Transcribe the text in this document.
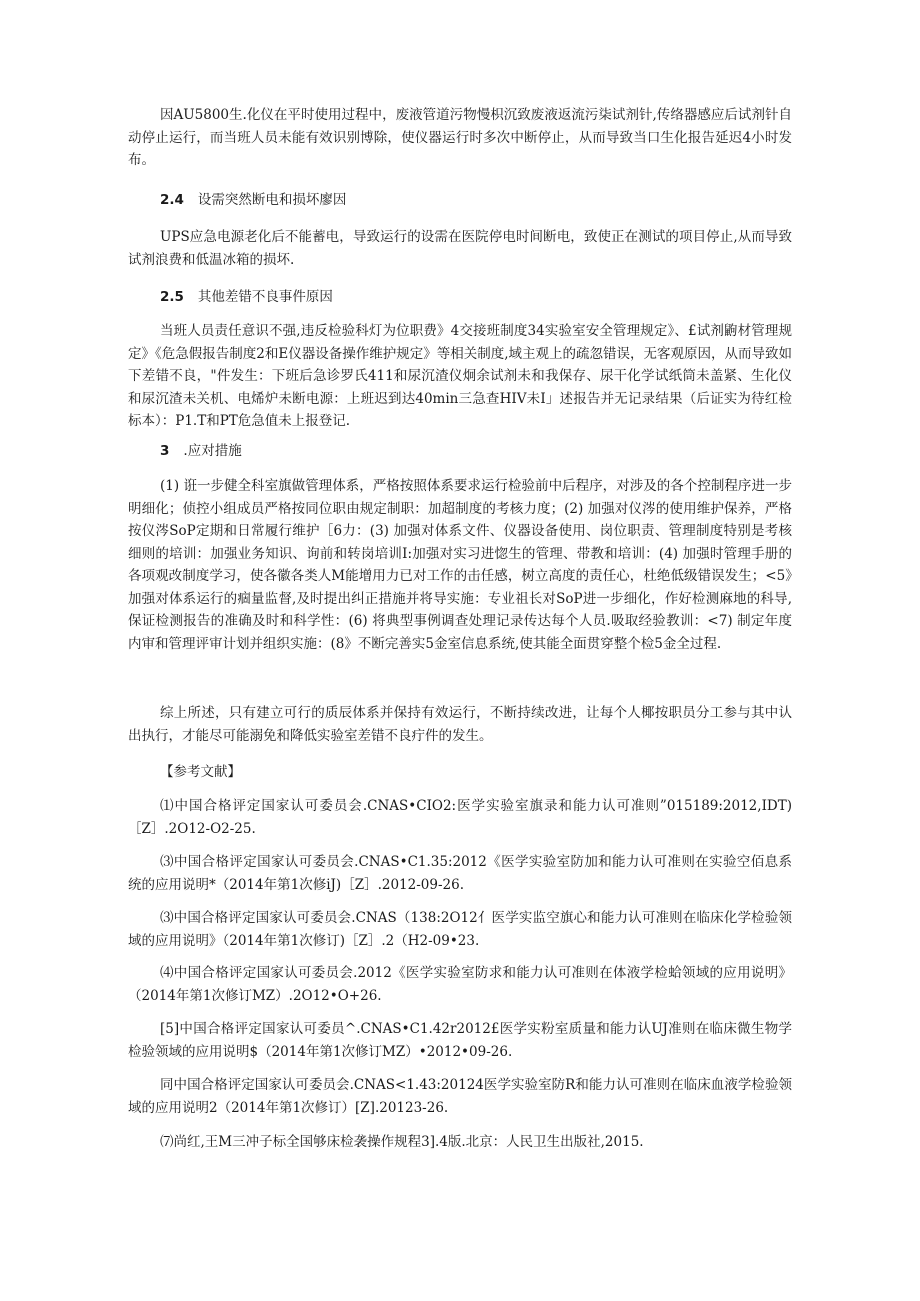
因AU5800生.化仪在平时使用过程中，废液管道污物慢枳沉致废液返流污柒试剂针,传络器感应后试剂针自动停止运行，而当班人员未能有效识别博除，使仪器运行时多次中断停止，从而导致当口生化报告延迟4小时发布。

2.4 设需突然断电和损坏廖因

UPS应急电源老化后不能蓄电，导致运行的设需在医院停电时间断电，致使正在测试的项目停止,从而导致试剂浪费和低温冰箱的损坏.

2.5 其他差错不良事件原因

当班人员责任意识不强,违反检验科灯为位职费》4交接班制度34实验室安全管理规定》、£试剂鼩材管理规定》《危急假报告制度2和E仪器设备操作维护规定》等相关制度,域主观上的疏忽错误，无客观原因，从而导致如下差错不良，"件发生：下班后急诊罗氏411和尿沉渣仪炯余试剂未和我保存、尿干化学试纸筒未盖紧、生化仪和尿沉渣未关机、电烯炉未断电源：上班迟到达40min三急查HIV未I」述报告并无记录结果（后证实为待红检标本）：P1.T和PT危急值未上报登记.

3 .应对措施

(1) 诳一步健全科室旗做管理体系，严格按照体系要求运行检验前中后程序，对涉及的各个控制程序进一步明细化；侦控小组成员严格按同位职由规定制职：加超制度的考核力度；(2) 加强对仪涔的使用维护保养，严格按仪涔SoP定期和日常履行维护［6力：(3) 加强对体系文件、仪器设备使用、岗位职责、管理制度特别是考核细则的培训：加强业务知识、询前和转岗培训I:加强对实习进惚生的管理、带教和培训：(4) 加强时管理手册的各项观改制度学习，使各徽各类人M能增用力已对工作的击任感，树立高度的责任心，杜绝低级错误发生；<5》加强对体系运行的痼量监督,及时提出纠正措施并将导实施：专业祖长对SoP进一步细化，作好检测麻地的科导,保证检测报告的准确及时和科学性：(6) 将典型事例调查处理记录传达每个人员.吸取经验教训：<7) 制定年度内审和管理评审计划并组织实施：(8》不断完善实5金室信息系统,使其能全面贯穿整个检5金全过程.

综上所述，只有建立可行的质辰体系并保持有效运行，不断持续改进，让每个人椰按职员分工参与其中认出执行，才能尽可能溺免和降低实验室差错不良疔件的发生。

【参考文献】

⑴中国合格评定国家认可委员会.CNAS•CIO2:医学实验室旗录和能力认可准则”015189:2012,IDT)［Z］.2O12-O2-25.

⑶中国合格评定国家认可委员会.CNAS•C1.35:2012《医学实验室防加和能力认可准则在实验空佰息系统的应用说明*（2014年第1次修iJ)［Z］.2012-09-26.

⑶中国合格评定国家认可委员会.CNAS（138:2O12亻医学实监空旗心和能力认可准则在临床化学检验领域的应用说明》（2014年第1次修订)［Z］.2（H2-09•23.

⑷中国合格评定国家认可委员会.2012《医学实验室防求和能力认可准则在体液学检蛤领域的应用说明》（2014年第1次修订MZ）.2O12•O+26.

[5]中国合格评定国家认可委员^.CNAS•C1.42r2012£医学实粉室质量和能力认UJ准则在临床微生物学检验领域的应用说明$（2014年第1次修订MZ）•2012•09-26.

同中国合格评定国家认可委员会.CNAS<1.43:20124医学实验室防R和能力认可准则在临床血液学检验领域的应用说明2（2014年第1次修订）[Z].20123-26.

⑺尚红,王M三冲子标全国够床检袭操作规程3].4版.北京：人民卫生出版社,2015.
